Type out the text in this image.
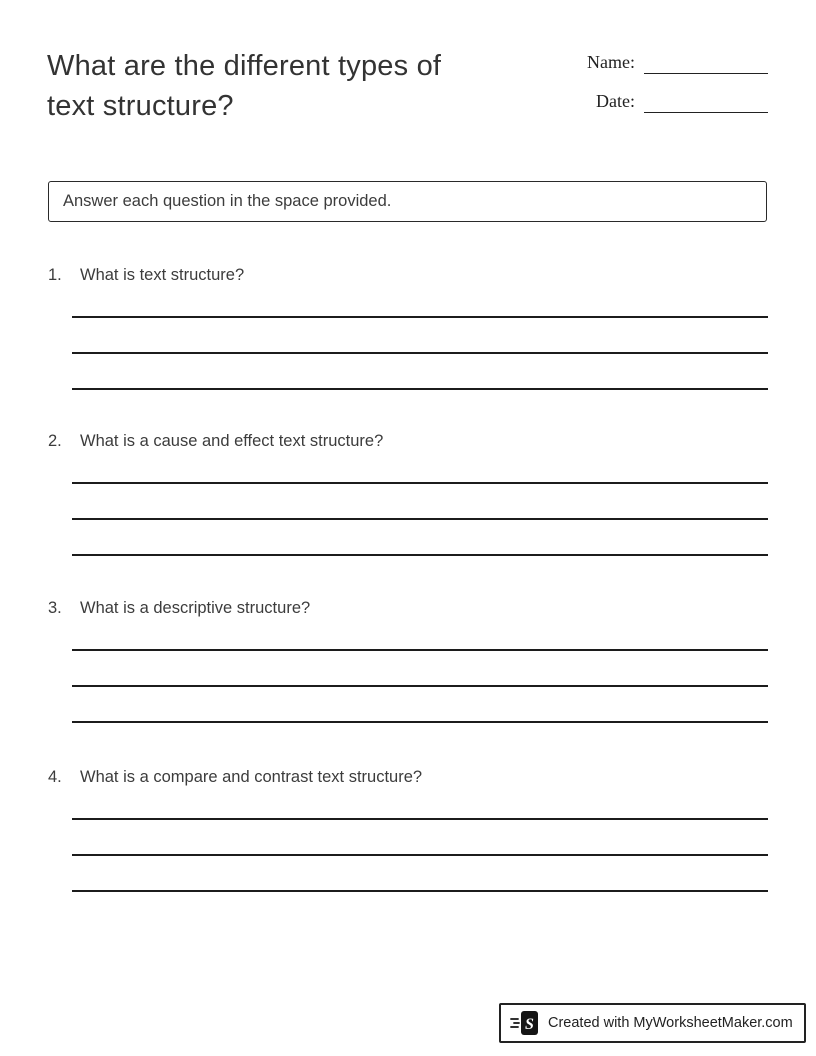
What are the different types of
text structure?
Name:
Date:
Answer each question in the space provided.
1.	What is text structure?
2.	What is a cause and effect text structure?
3.	What is a descriptive structure?
4.	What is a compare and contrast text structure?
S Created with MyWorksheetMaker.com
